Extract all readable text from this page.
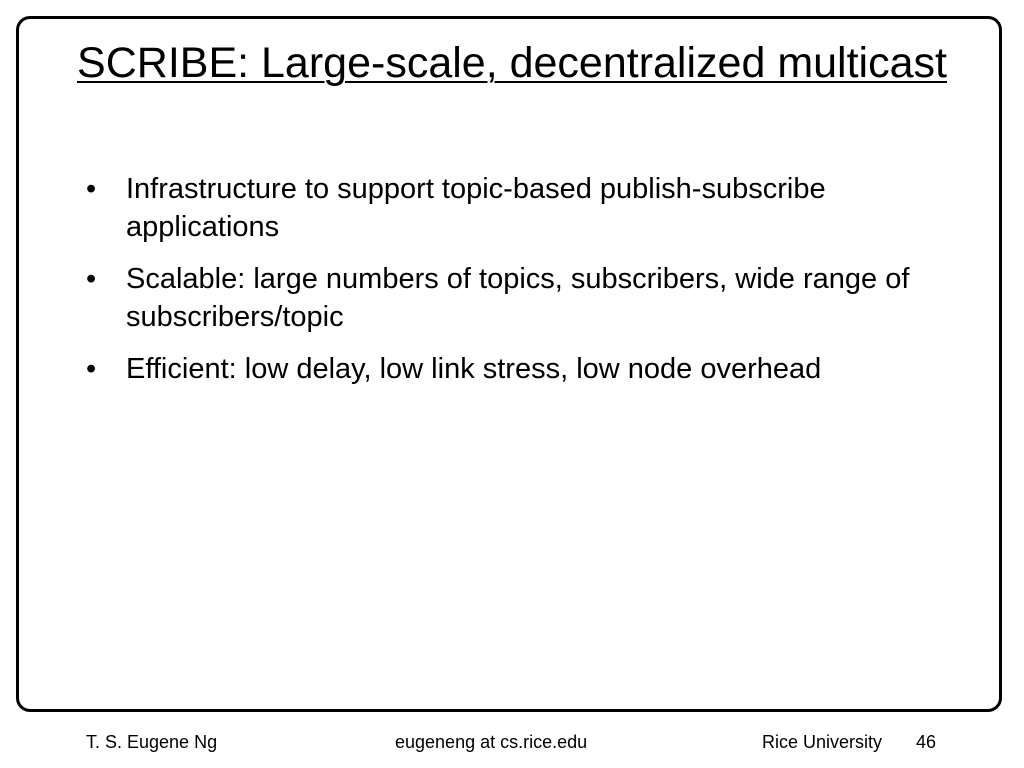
SCRIBE: Large-scale, decentralized multicast
• Infrastructure to support topic-based publish-subscribe applications
• Scalable: large numbers of topics, subscribers, wide range of subscribers/topic
• Efficient: low delay, low link stress, low node overhead
T. S. Eugene Ng	eugeneng at cs.rice.edu	Rice University 46
